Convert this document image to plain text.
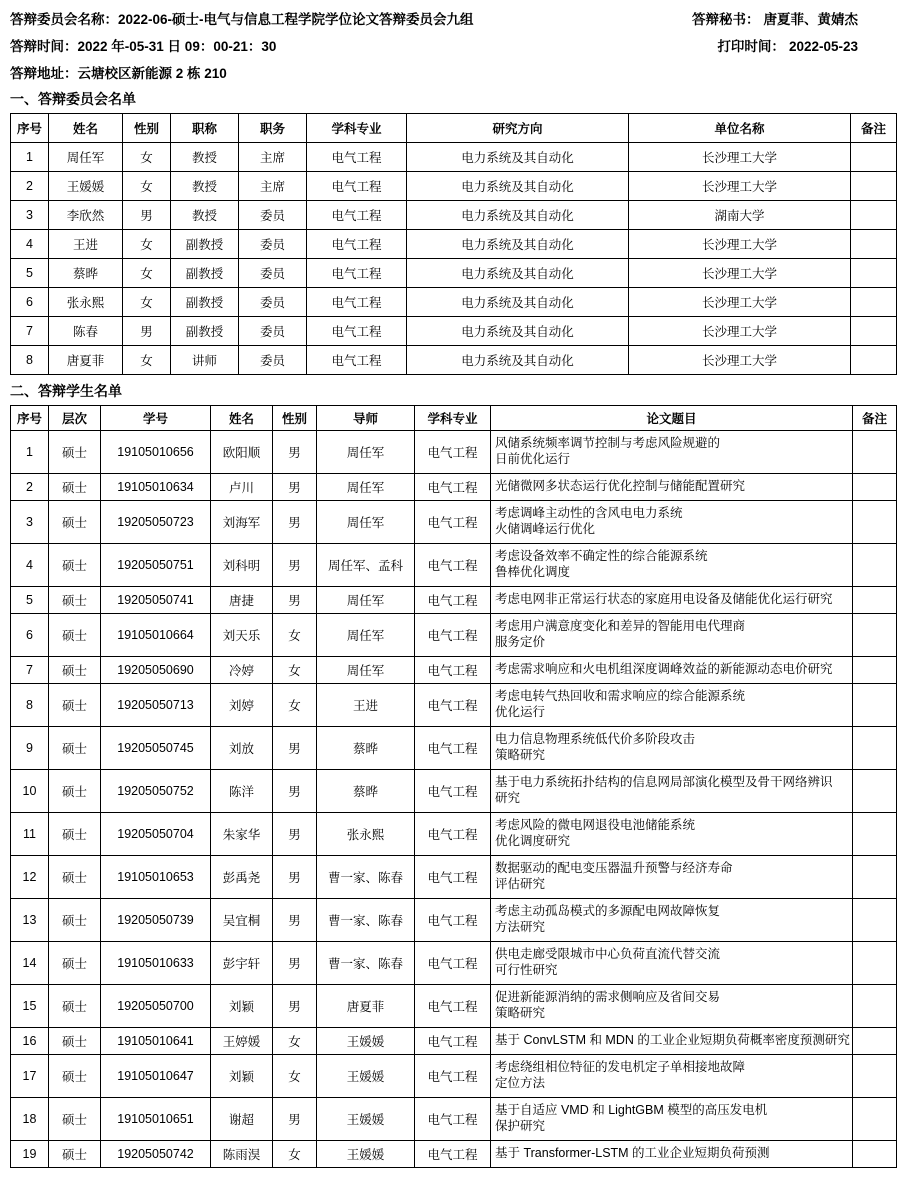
答辩委员会名称：2022-06-硕士-电气与信息工程学院学位论文答辩委员会九组	答辩秘书： 唐夏菲、黄婧杰
答辩时间：2022 年-05-31 日 09：00-21：30	打印时间： 2022-05-23
答辩地址：云塘校区新能源 2 栋 210
一、答辩委员会名单
序号	姓名	性别	职称	职务	学科专业	研究方向	单位名称	备注
1	周任军	女	教授	主席	电气工程	电力系统及其自动化	长沙理工大学	
2	王媛媛	女	教授	主席	电气工程	电力系统及其自动化	长沙理工大学	
3	李欣然	男	教授	委员	电气工程	电力系统及其自动化	湖南大学	
4	王进	女	副教授	委员	电气工程	电力系统及其自动化	长沙理工大学	
5	蔡晔	女	副教授	委员	电气工程	电力系统及其自动化	长沙理工大学	
6	张永熙	女	副教授	委员	电气工程	电力系统及其自动化	长沙理工大学	
7	陈春	男	副教授	委员	电气工程	电力系统及其自动化	长沙理工大学	
8	唐夏菲	女	讲师	委员	电气工程	电力系统及其自动化	长沙理工大学	
二、答辩学生名单
序号	层次	学号	姓名	性别	导师	学科专业	论文题目	备注
1	硕士	19105010656	欧阳顺	男	周任军	电气工程	风储系统频率调节控制与考虑风险规避的
日前优化运行	

2	硕士	19105010634	卢川	男	周任军	电气工程	光储微网多状态运行优化控制与储能配置研究	

3	硕士	19205050723	刘海军	男	周任军	电气工程	考虑调峰主动性的含风电电力系统
火储调峰运行优化	

4	硕士	19205050751	刘科明	男	周任军、孟科	电气工程	考虑设备效率不确定性的综合能源系统
鲁棒优化调度	

5	硕士	19205050741	唐捷	男	周任军	电气工程	考虑电网非正常运行状态的家庭用电设备及储能优化运行研究	

6	硕士	19105010664	刘天乐	女	周任军	电气工程	考虑用户满意度变化和差异的智能用电代理商
服务定价	

7	硕士	19205050690	冷婷	女	周任军	电气工程	考虑需求响应和火电机组深度调峰效益的新能源动态电价研究	

8	硕士	19205050713	刘婷	女	王进	电气工程	考虑电转气热回收和需求响应的综合能源系统
优化运行	

9	硕士	19205050745	刘放	男	蔡晔	电气工程	电力信息物理系统低代价多阶段攻击
策略研究	

10	硕士	19205050752	陈洋	男	蔡晔	电气工程	基于电力系统拓扑结构的信息网局部演化模型及骨干网络辨识
研究	

11	硕士	19205050704	朱家华	男	张永熙	电气工程	考虑风险的微电网退役电池储能系统
优化调度研究	

12	硕士	19105010653	彭禹尧	男	曹一家、陈春	电气工程	数据驱动的配电变压器温升预警与经济寿命
评估研究	

13	硕士	19205050739	吴宜桐	男	曹一家、陈春	电气工程	考虑主动孤岛模式的多源配电网故障恢复
方法研究	

14	硕士	19105010633	彭宇轩	男	曹一家、陈春	电气工程	供电走廊受限城市中心负荷直流代替交流
可行性研究	

15	硕士	19205050700	刘颖	男	唐夏菲	电气工程	促进新能源消纳的需求侧响应及省间交易
策略研究	

16	硕士	19105010641	王婷媛	女	王媛媛	电气工程	基于 ConvLSTM 和 MDN 的工业企业短期负荷概率密度预测研究	

17	硕士	19105010647	刘颖	女	王媛媛	电气工程	考虑绕组相位特征的发电机定子单相接地故障
定位方法	

18	硕士	19105010651	谢超	男	王媛媛	电气工程	基于自适应 VMD 和 LightGBM 模型的高压发电机
保护研究	

19	硕士	19205050742	陈雨淏	女	王媛媛	电气工程	基于 Transformer-LSTM 的工业企业短期负荷预测	
